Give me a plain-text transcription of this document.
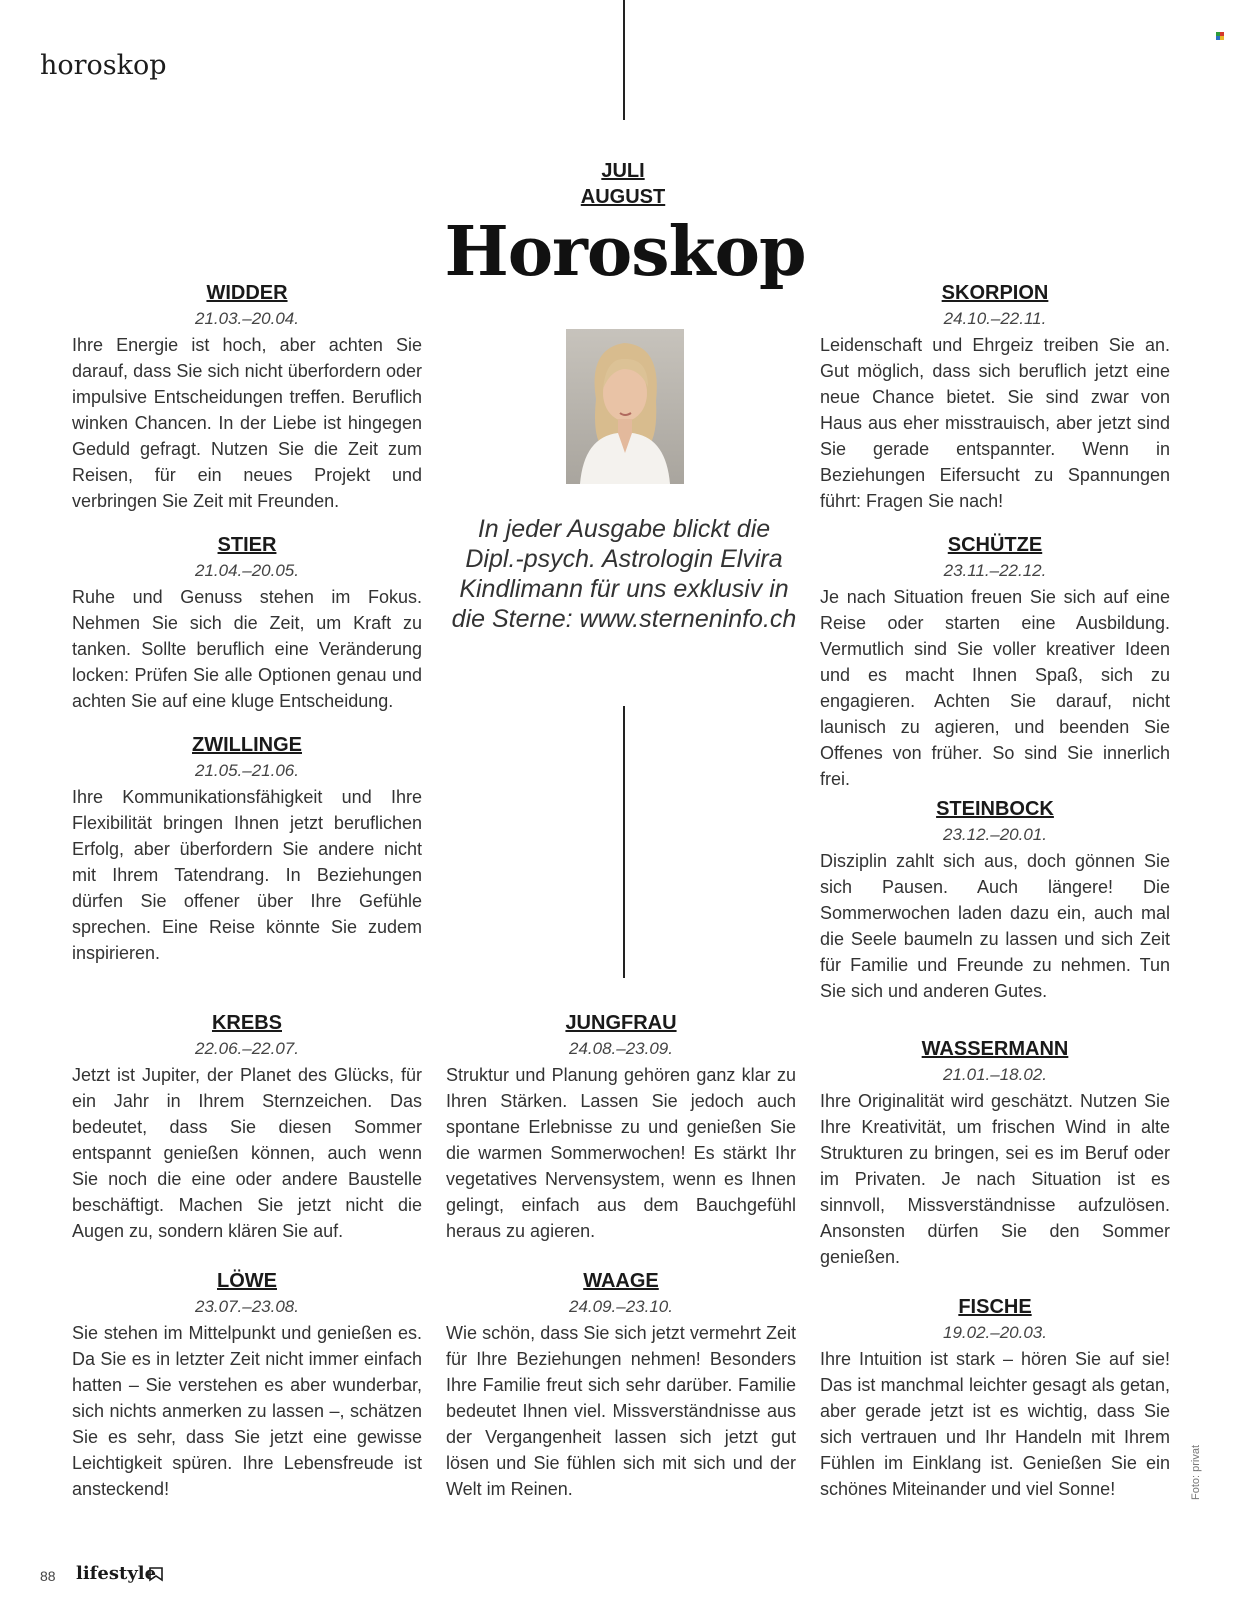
horoskop
JULI
AUGUST
Horoskop
In jeder Ausgabe blickt die Dipl.-psych. Astrologin Elvira Kindlimann für uns exklusiv in die Sterne: www.sterneninfo.ch
WIDDER
21.03.–20.04.
Ihre Energie ist hoch, aber achten Sie darauf, dass Sie sich nicht überfordern oder impulsive Entscheidungen treffen. Beruflich winken Chancen. In der Liebe ist hingegen Geduld gefragt. Nutzen Sie die Zeit zum Reisen, für ein neues Projekt und verbringen Sie Zeit mit Freunden.
STIER
21.04.–20.05.
Ruhe und Genuss stehen im Fokus. Nehmen Sie sich die Zeit, um Kraft zu tanken. Sollte beruflich eine Veränderung locken: Prüfen Sie alle Optionen genau und achten Sie auf eine kluge Entscheidung.
ZWILLINGE
21.05.–21.06.
Ihre Kommunikationsfähigkeit und Ihre Flexibilität bringen Ihnen jetzt beruflichen Erfolg, aber überfordern Sie andere nicht mit Ihrem Tatendrang. In Beziehungen dürfen Sie offener über Ihre Gefühle sprechen. Eine Reise könnte Sie zudem inspirieren.
KREBS
22.06.–22.07.
Jetzt ist Jupiter, der Planet des Glücks, für ein Jahr in Ihrem Sternzeichen. Das bedeutet, dass Sie diesen Sommer entspannt genießen können, auch wenn Sie noch die eine oder andere Baustelle beschäftigt. Machen Sie jetzt nicht die Augen zu, sondern klären Sie auf.
LÖWE
23.07.–23.08.
Sie stehen im Mittelpunkt und genießen es. Da Sie es in letzter Zeit nicht immer einfach hatten – Sie verstehen es aber wunderbar, sich nichts anmerken zu lassen –, schätzen Sie es sehr, dass Sie jetzt eine gewisse Leichtigkeit spüren. Ihre Lebensfreude ist ansteckend!
JUNGFRAU
24.08.–23.09.
Struktur und Planung gehören ganz klar zu Ihren Stärken. Lassen Sie jedoch auch spontane Erlebnisse zu und genießen Sie die warmen Sommerwochen! Es stärkt Ihr vegetatives Nervensystem, wenn es Ihnen gelingt, einfach aus dem Bauchgefühl heraus zu agieren.
WAAGE
24.09.–23.10.
Wie schön, dass Sie sich jetzt vermehrt Zeit für Ihre Beziehungen nehmen! Besonders Ihre Familie freut sich sehr darüber. Familie bedeutet Ihnen viel. Missverständnisse aus der Vergangenheit lassen sich jetzt gut lösen und Sie fühlen sich mit sich und der Welt im Reinen.
SKORPION
24.10.–22.11.
Leidenschaft und Ehrgeiz treiben Sie an. Gut möglich, dass sich beruflich jetzt eine neue Chance bietet. Sie sind zwar von Haus aus eher misstrauisch, aber jetzt sind Sie gerade entspannter. Wenn in Beziehungen Eifersucht zu Spannungen führt: Fragen Sie nach!
SCHÜTZE
23.11.–22.12.
Je nach Situation freuen Sie sich auf eine Reise oder starten eine Ausbildung. Vermutlich sind Sie voller kreativer Ideen und es macht Ihnen Spaß, sich zu engagieren. Achten Sie darauf, nicht launisch zu agieren, und beenden Sie Offenes von früher. So sind Sie innerlich frei.
STEINBOCK
23.12.–20.01.
Disziplin zahlt sich aus, doch gönnen Sie sich Pausen. Auch längere! Die Sommerwochen laden dazu ein, auch mal die Seele baumeln zu lassen und sich Zeit für Familie und Freunde zu nehmen. Tun Sie sich und anderen Gutes.
WASSERMANN
21.01.–18.02.
Ihre Originalität wird geschätzt. Nutzen Sie Ihre Kreativität, um frischen Wind in alte Strukturen zu bringen, sei es im Beruf oder im Privaten. Je nach Situation ist es sinnvoll, Missverständnisse aufzulösen. Ansonsten dürfen Sie den Sommer genießen.
FISCHE
19.02.–20.03.
Ihre Intuition ist stark – hören Sie auf sie! Das ist manchmal leichter gesagt als getan, aber gerade jetzt ist es wichtig, dass Sie sich vertrauen und Ihr Handeln mit Ihrem Fühlen im Einklang ist. Genießen Sie ein schönes Miteinander und viel Sonne!	Foto: privat
88 lifestyle
